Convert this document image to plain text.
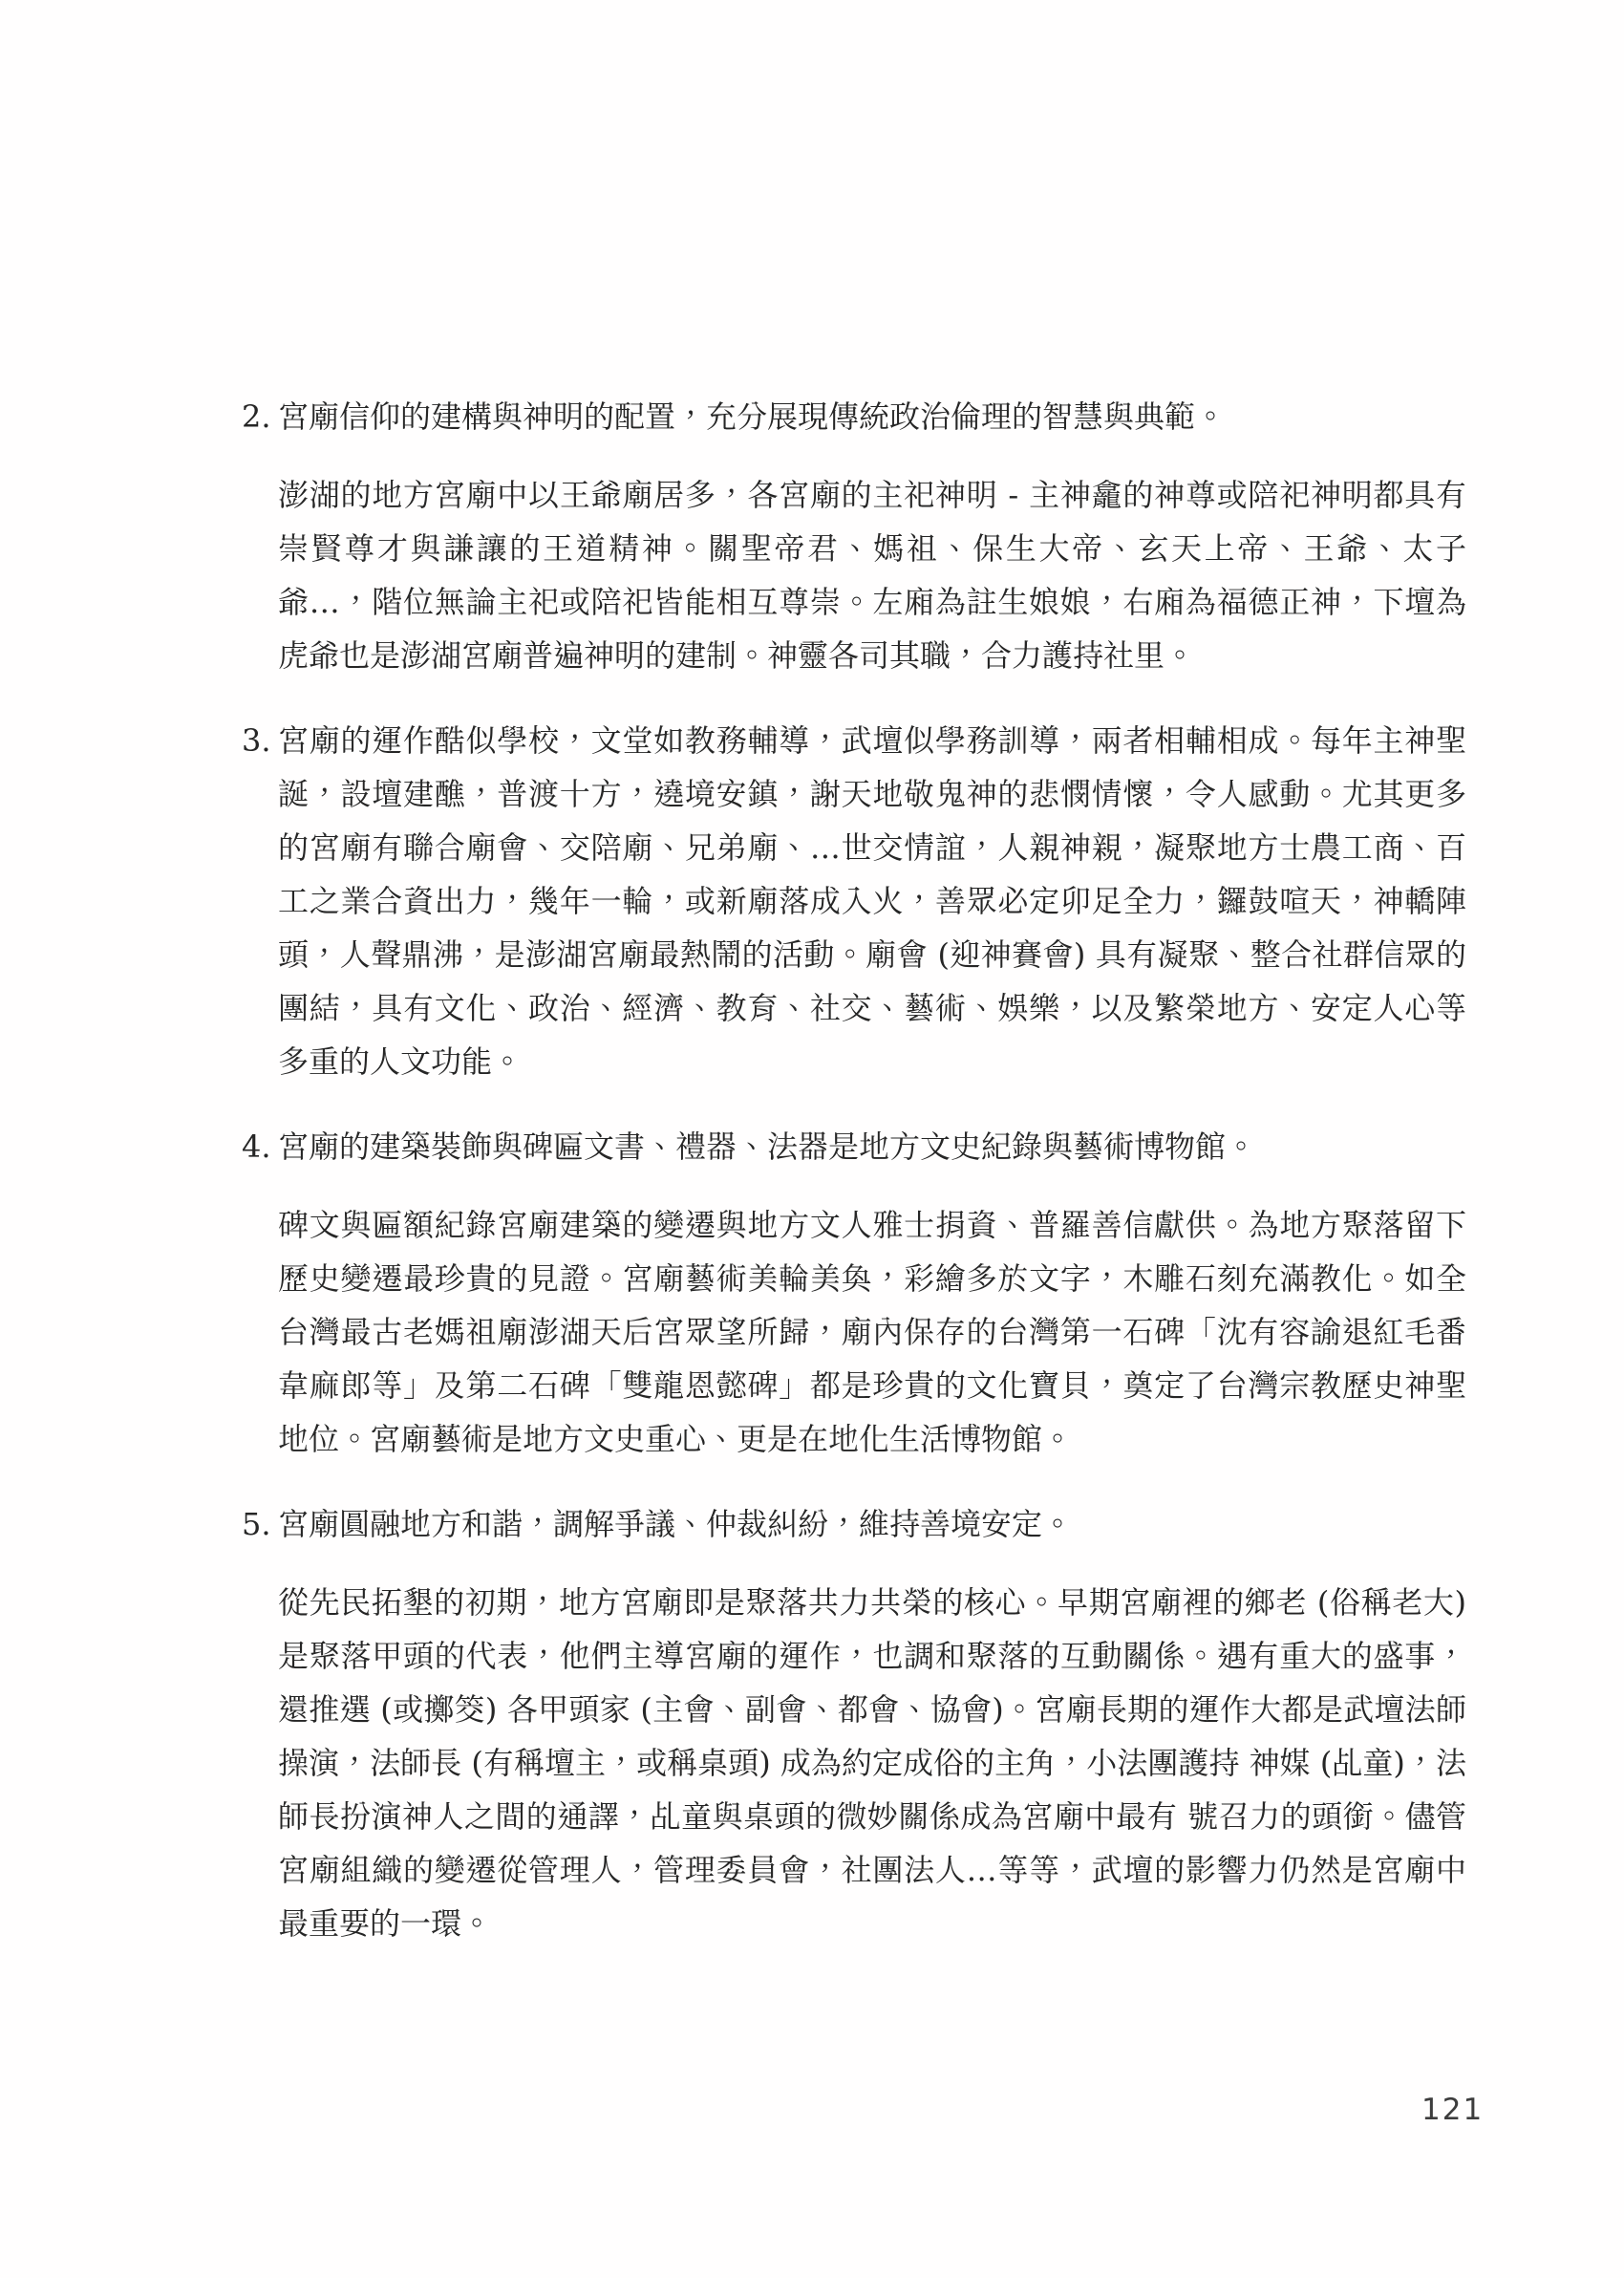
2. 宮廟信仰的建構與神明的配置，充分展現傳統政治倫理的智慧與典範。
澎湖的地方宮廟中以王爺廟居多，各宮廟的主祀神明 - 主神龕的神尊或陪祀神明都具有崇賢尊才與謙讓的王道精神。關聖帝君、媽祖、保生大帝、玄天上帝、王爺、太子爺…，階位無論主祀或陪祀皆能相互尊崇。左廂為註生娘娘，右廂為福德正神，下壇為虎爺也是澎湖宮廟普遍神明的建制。神靈各司其職，合力護持社里。
3. 宮廟的運作酷似學校，文堂如教務輔導，武壇似學務訓導，兩者相輔相成。每年主神聖誕，設壇建醮，普渡十方，遶境安鎮，謝天地敬鬼神的悲憫情懷，令人感動。尤其更多的宮廟有聯合廟會、交陪廟、兄弟廟、…世交情誼，人親神親，凝聚地方士農工商、百工之業合資出力，幾年一輪，或新廟落成入火，善眾必定卯足全力，鑼鼓喧天，神轎陣頭，人聲鼎沸，是澎湖宮廟最熱鬧的活動。廟會 (迎神賽會) 具有凝聚、整合社群信眾的團結，具有文化、政治、經濟、教育、社交、藝術、娛樂，以及繁榮地方、安定人心等多重的人文功能。
4. 宮廟的建築裝飾與碑匾文書、禮器、法器是地方文史紀錄與藝術博物館。
碑文與匾額紀錄宮廟建築的變遷與地方文人雅士捐資、普羅善信獻供。為地方聚落留下歷史變遷最珍貴的見證。宮廟藝術美輪美奐，彩繪多於文字，木雕石刻充滿教化。如全台灣最古老媽祖廟澎湖天后宮眾望所歸，廟內保存的台灣第一石碑「沈有容諭退紅毛番韋麻郎等」及第二石碑「雙龍恩懿碑」都是珍貴的文化寶貝，奠定了台灣宗教歷史神聖地位。宮廟藝術是地方文史重心、更是在地化生活博物館。
5. 宮廟圓融地方和諧，調解爭議、仲裁糾紛，維持善境安定。
從先民拓墾的初期，地方宮廟即是聚落共力共榮的核心。早期宮廟裡的鄉老 (俗稱老大) 是聚落甲頭的代表，他們主導宮廟的運作，也調和聚落的互動關係。遇有重大的盛事，還推選 (或擲筊) 各甲頭家 (主會、副會、都會、協會)。宮廟長期的運作大都是武壇法師操演，法師長 (有稱壇主，或稱桌頭) 成為約定成俗的主角，小法團護持 神媒 (乩童)，法師長扮演神人之間的通譯，乩童與桌頭的微妙關係成為宮廟中最有 號召力的頭銜。儘管宮廟組織的變遷從管理人，管理委員會，社團法人…等等，武壇的影響力仍然是宮廟中最重要的一環。
121
